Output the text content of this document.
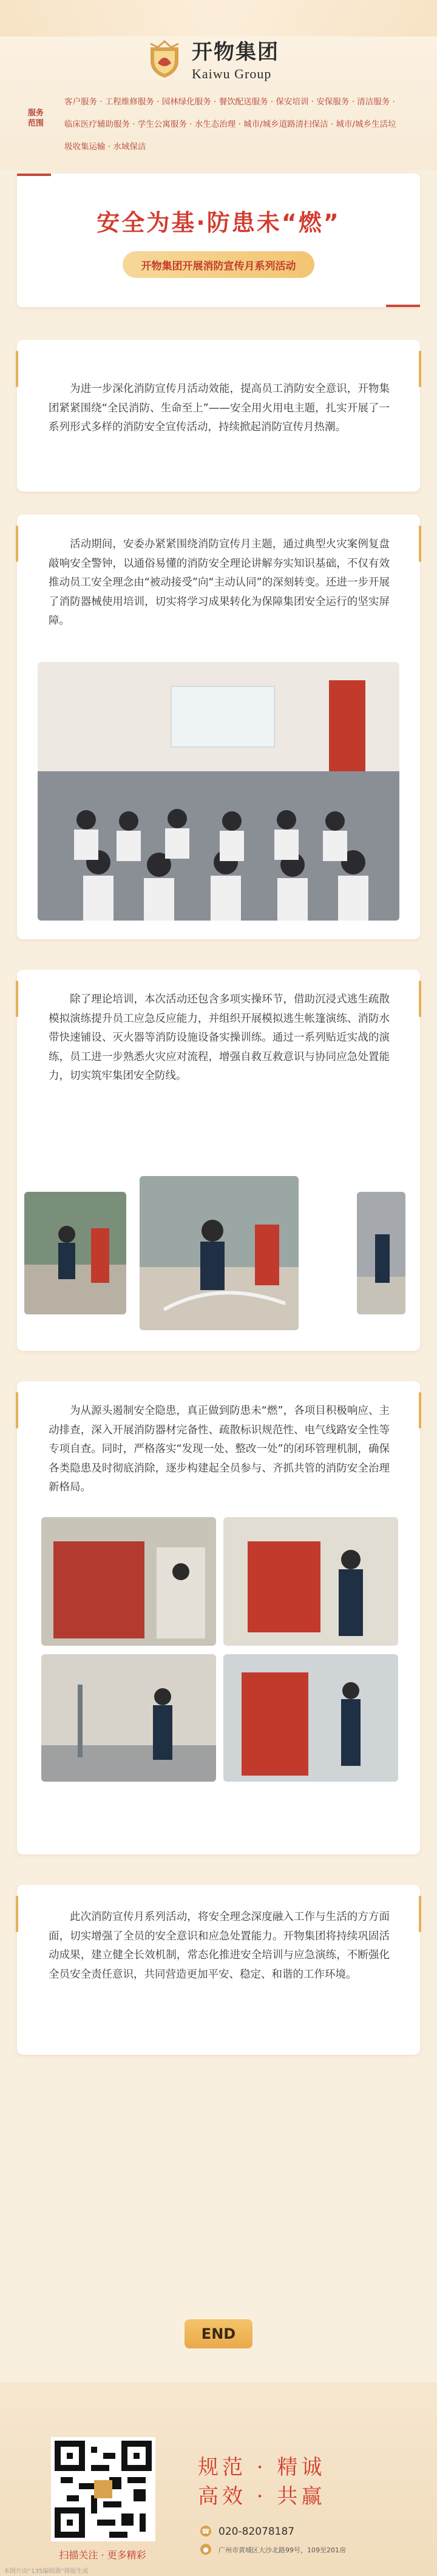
开物集团
Kaiwu Group
服务范围
客户服务 · 工程维修服务 · 园林绿化服务 · 餐饮配送服务 · 保安培训 · 安保服务 · 清洁服务 · 临床医疗辅助服务 · 学生公寓服务 · 水生态治理 · 城市/城乡道路清扫保洁 · 城市/城乡生活垃圾收集运输 · 水域保洁
安全为基·防患未“燃”
开物集团开展消防宣传月系列活动
为进一步深化消防宣传月活动效能，提高员工消防安全意识，开物集团紧紧围绕“全民消防、生命至上”——安全用火用电主题，扎实开展了一系列形式多样的消防安全宣传活动，持续掀起消防宣传月热潮。
活动期间，安委办紧紧围绕消防宣传月主题，通过典型火灾案例复盘敲响安全警钟，以通俗易懂的消防安全理论讲解夯实知识基础，不仅有效推动员工安全理念由“被动接受”向“主动认同”的深刻转变。还进一步开展了消防器械使用培训，切实将学习成果转化为保障集团安全运行的坚实屏障。
除了理论培训，本次活动还包含多项实操环节，借助沉浸式逃生疏散模拟演练提升员工应急反应能力，并组织开展模拟逃生帐篷演练、消防水带快速铺设、灭火器等消防设施设备实操训练。通过一系列贴近实战的演练，员工进一步熟悉火灾应对流程，增强自救互救意识与协同应急处置能力，切实筑牢集团安全防线。
为从源头遏制安全隐患，真正做到防患未“燃”，各项目积极响应、主动排查，深入开展消防器材完备性、疏散标识规范性、电气线路安全性等专项自查。同时，严格落实“发现一处、整改一处”的闭环管理机制，确保各类隐患及时彻底消除，逐步构建起全员参与、齐抓共管的消防安全治理新格局。
此次消防宣传月系列活动，将安全理念深度融入工作与生活的方方面面，切实增强了全员的安全意识和应急处置能力。开物集团将持续巩固活动成果，建立健全长效机制，常态化推进安全培训与应急演练，不断强化全员安全责任意识，共同营造更加平安、稳定、和谐的工作环境。
END
扫描关注 · 更多精彩
规范 · 精诚
高效 · 共赢
☎ 020-82078187
●	广州市黄埔区大沙北路99号，109至201房
本图片由“135编辑器”排版生成
